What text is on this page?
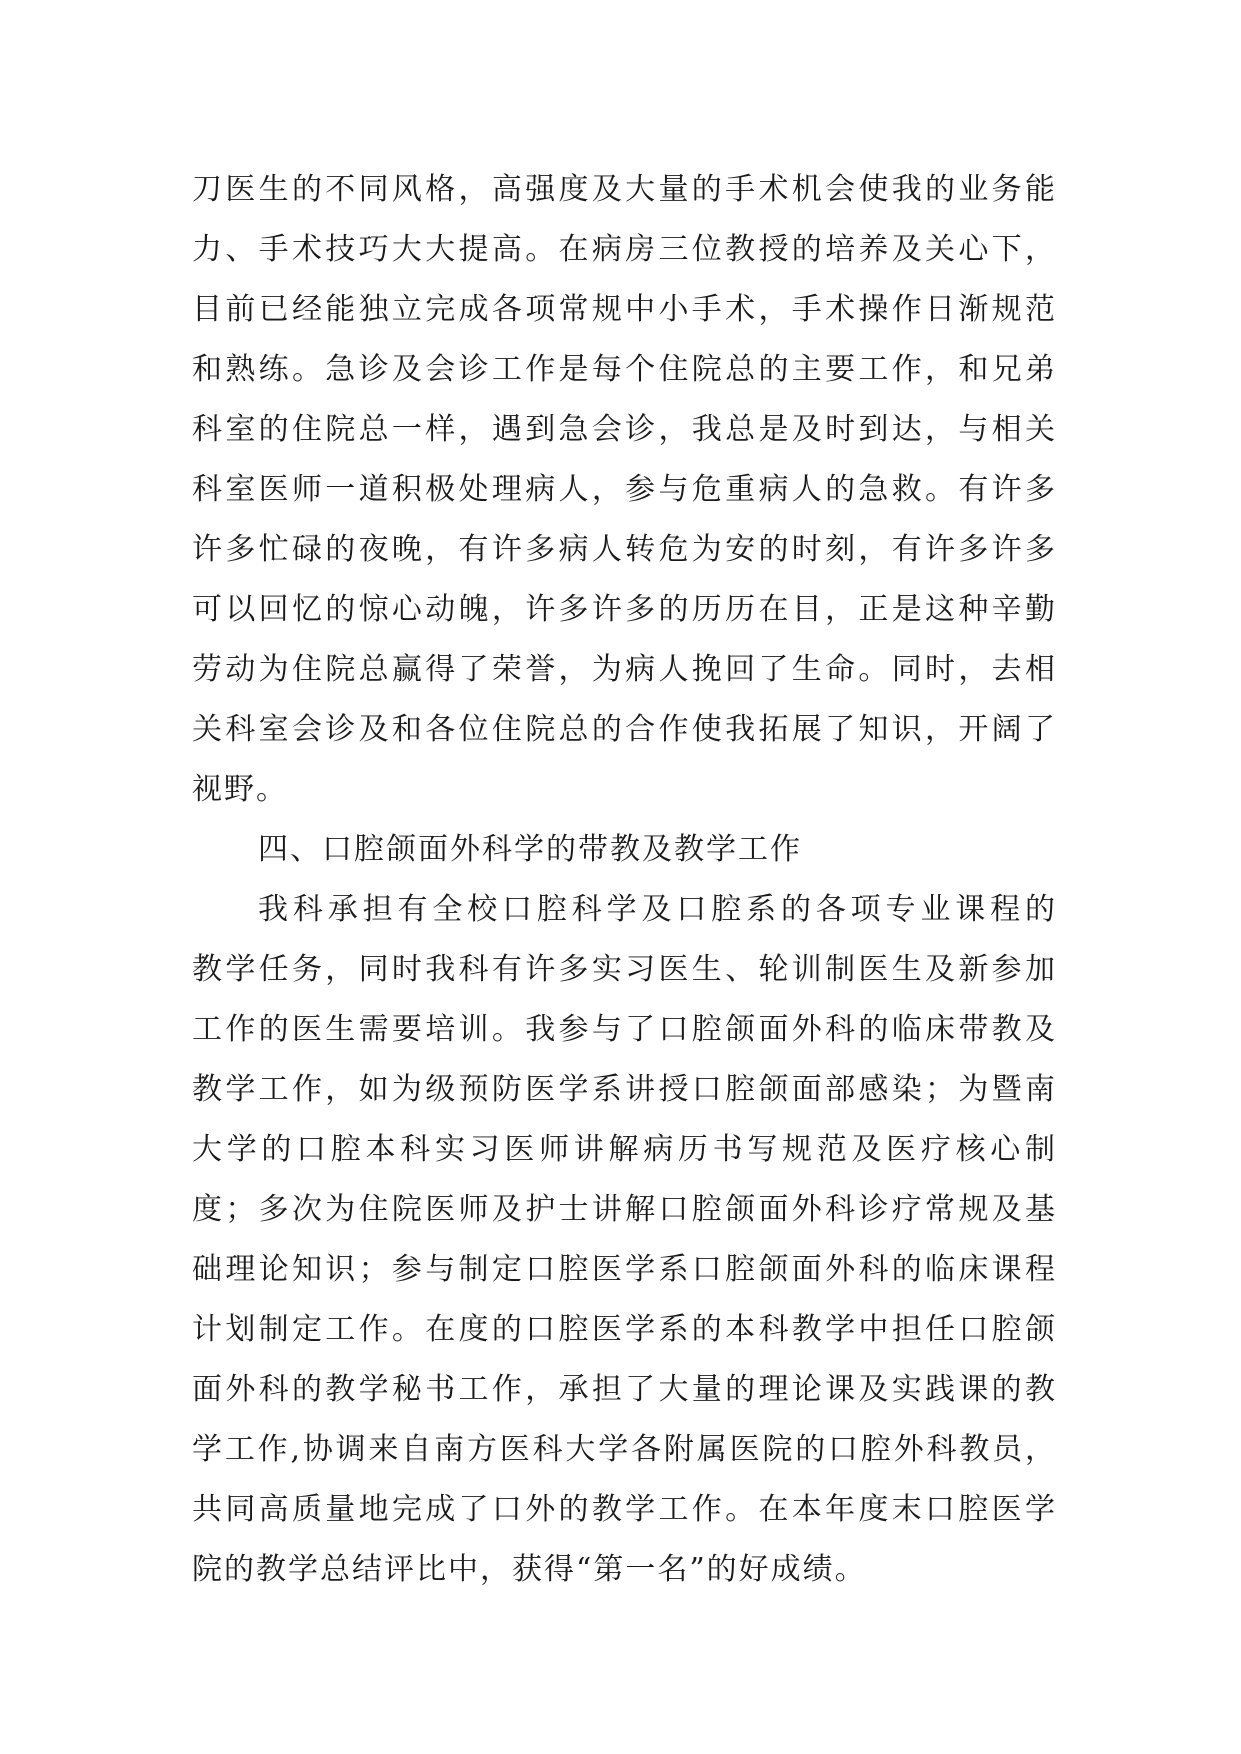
刀医生的不同风格，高强度及大量的手术机会使我的业务能
力、手术技巧大大提高。在病房三位教授的培养及关心下，
目前已经能独立完成各项常规中小手术，手术操作日渐规范
和熟练。急诊及会诊工作是每个住院总的主要工作，和兄弟
科室的住院总一样，遇到急会诊，我总是及时到达，与相关
科室医师一道积极处理病人，参与危重病人的急救。有许多
许多忙碌的夜晚，有许多病人转危为安的时刻，有许多许多
可以回忆的惊心动魄，许多许多的历历在目，正是这种辛勤
劳动为住院总赢得了荣誉，为病人挽回了生命。同时，去相
关科室会诊及和各位住院总的合作使我拓展了知识，开阔了
视野。
四、口腔颌面外科学的带教及教学工作
我科承担有全校口腔科学及口腔系的各项专业课程的
教学任务，同时我科有许多实习医生、轮训制医生及新参加
工作的医生需要培训。我参与了口腔颌面外科的临床带教及
教学工作，如为级预防医学系讲授口腔颌面部感染；为暨南
大学的口腔本科实习医师讲解病历书写规范及医疗核心制
度；多次为住院医师及护士讲解口腔颌面外科诊疗常规及基
础理论知识；参与制定口腔医学系口腔颌面外科的临床课程
计划制定工作。在度的口腔医学系的本科教学中担任口腔颌
面外科的教学秘书工作，承担了大量的理论课及实践课的教
学工作,协调来自南方医科大学各附属医院的口腔外科教员，
共同高质量地完成了口外的教学工作。在本年度末口腔医学
院的教学总结评比中，获得“第一名”的好成绩。
